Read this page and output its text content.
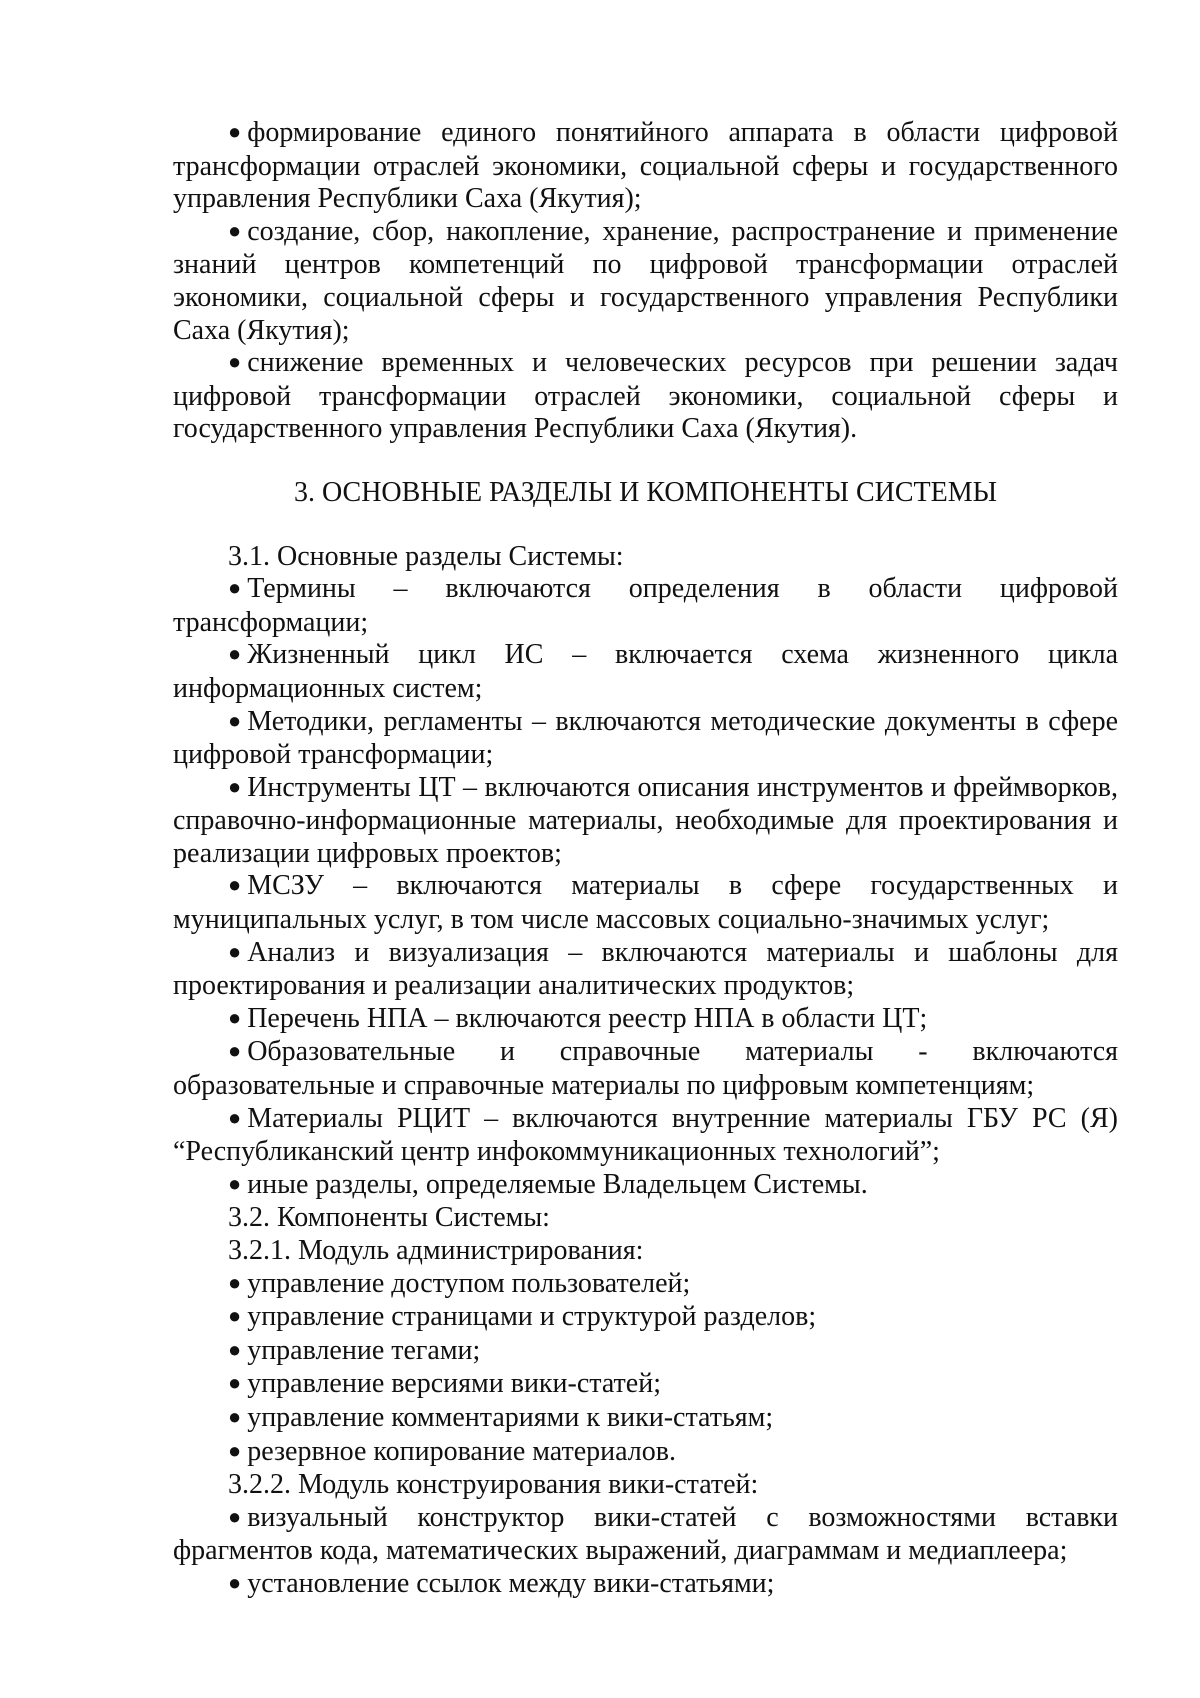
● формирование единого понятийного аппарата в области цифровой трансформации отраслей экономики, социальной сферы и государственного управления Республики Саха (Якутия);

● создание, сбор, накопление, хранение, распространение и применение знаний центров компетенций по цифровой трансформации отраслей экономики, социальной сферы и государственного управления Республики Саха (Якутия);

● снижение временных и человеческих ресурсов при решении задач цифровой трансформации отраслей экономики, социальной сферы и государственного управления Республики Саха (Якутия).

3. ОСНОВНЫЕ РАЗДЕЛЫ И КОМПОНЕНТЫ СИСТЕМЫ

3.1. Основные разделы Системы:

● Термины – включаются определения в области цифровой трансформации;

● Жизненный цикл ИС – включается схема жизненного цикла информационных систем;

● Методики, регламенты – включаются методические документы в сфере цифровой трансформации;

● Инструменты ЦТ – включаются описания инструментов и фреймворков, справочно-информационные материалы, необходимые для проектирования и реализации цифровых проектов;

● МСЗУ – включаются материалы в сфере государственных и муниципальных услуг, в том числе массовых социально-значимых услуг;

● Анализ и визуализация – включаются материалы и шаблоны для проектирования и реализации аналитических продуктов;

● Перечень НПА – включаются реестр НПА в области ЦТ;

● Образовательные и справочные материалы - включаются образовательные и справочные материалы по цифровым компетенциям;

● Материалы РЦИТ – включаются внутренние материалы ГБУ РС (Я) “Республиканский центр инфокоммуникационных технологий”;

● иные разделы, определяемые Владельцем Системы.

3.2. Компоненты Системы:

3.2.1. Модуль администрирования:

● управление доступом пользователей;

● управление страницами и структурой разделов;

● управление тегами;

● управление версиями вики-статей;

● управление комментариями к вики-статьям;

● резервное копирование материалов.

3.2.2. Модуль конструирования вики-статей:

● визуальный конструктор вики-статей с возможностями вставки фрагментов кода, математических выражений, диаграммам и медиаплеера;

● установление ссылок между вики-статьями;
